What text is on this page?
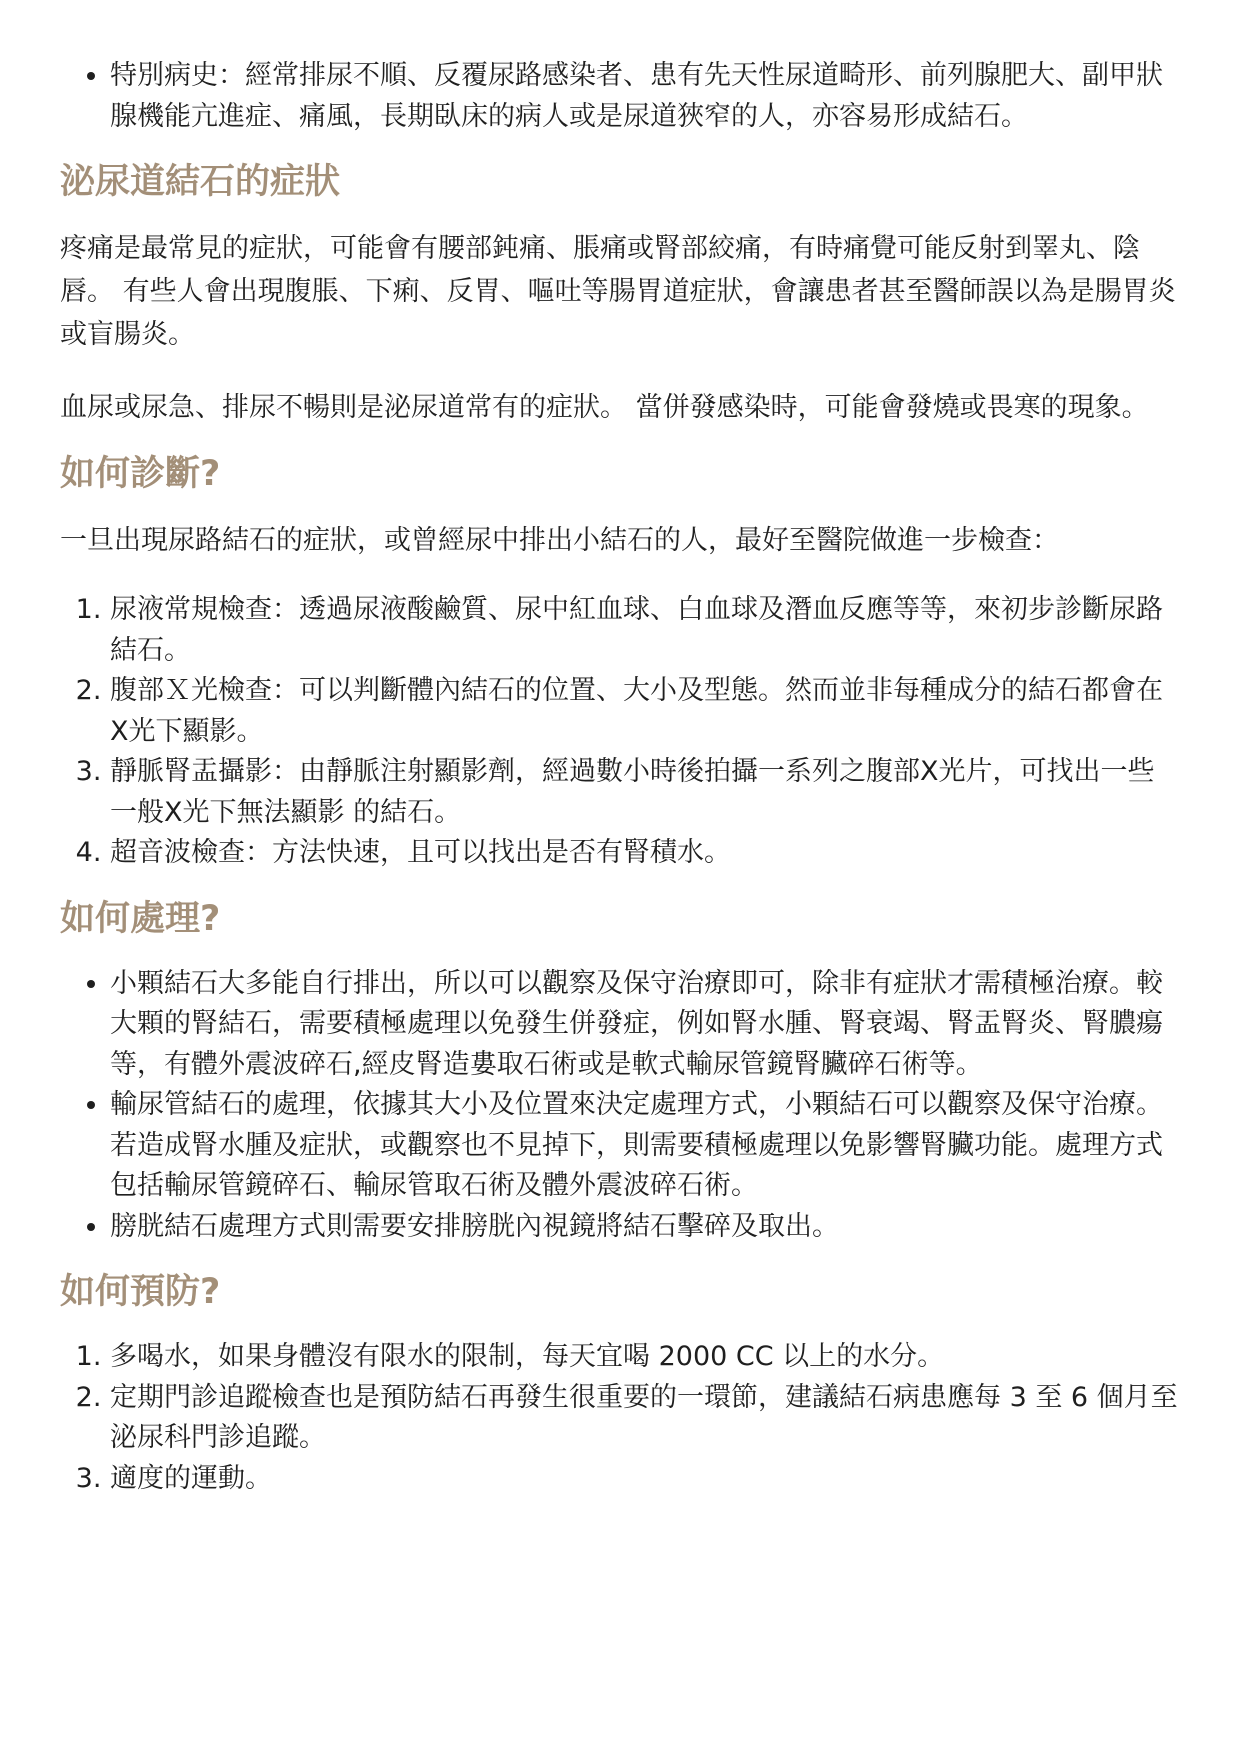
• 特別病史：經常排尿不順、反覆尿路感染者、患有先天性尿道畸形、前列腺肥大、副甲狀腺機能亢進症、痛風，長期臥床的病人或是尿道狹窄的人，亦容易形成結石。
泌尿道結石的症狀

疼痛是最常見的症狀，可能會有腰部鈍痛、脹痛或腎部絞痛，有時痛覺可能反射到睪丸、陰唇。 有些人會出現腹脹、下痢、反胃、嘔吐等腸胃道症狀，會讓患者甚至醫師誤以為是腸胃炎或盲腸炎。

血尿或尿急、排尿不暢則是泌尿道常有的症狀。 當併發感染時，可能會發燒或畏寒的現象。

如何診斷?

一旦出現尿路結石的症狀，或曾經尿中排出小結石的人，最好至醫院做進一步檢查：

1. 尿液常規檢查：透過尿液酸鹼質、尿中紅血球、白血球及潛血反應等等，來初步診斷尿路結石。
2. 腹部Ｘ光檢查：可以判斷體內結石的位置、大小及型態。然而並非每種成分的結石都會在X光下顯影。
3. 靜脈腎盂攝影：由靜脈注射顯影劑，經過數小時後拍攝一系列之腹部X光片，可找出一些一般X光下無法顯影 的結石。
4. 超音波檢查：方法快速，且可以找出是否有腎積水。
如何處理?
• 小顆結石大多能自行排出，所以可以觀察及保守治療即可，除非有症狀才需積極治療。較大顆的腎結石，需要積極處理以免發生併發症，例如腎水腫、腎衰竭、腎盂腎炎、腎膿瘍等，有體外震波碎石,經皮腎造婁取石術或是軟式輸尿管鏡腎臟碎石術等。
• 輸尿管結石的處理，依據其大小及位置來決定處理方式，小顆結石可以觀察及保守治療。若造成腎水腫及症狀，或觀察也不見掉下，則需要積極處理以免影響腎臟功能。處理方式包括輸尿管鏡碎石、輸尿管取石術及體外震波碎石術。
• 膀胱結石處理方式則需要安排膀胱內視鏡將結石擊碎及取出。
如何預防?
1. 多喝水，如果身體沒有限水的限制，每天宜喝 2000 CC 以上的水分。
2. 定期門診追蹤檢查也是預防結石再發生很重要的一環節，建議結石病患應每 3 至 6 個月至泌尿科門診追蹤。
3. 適度的運動。
